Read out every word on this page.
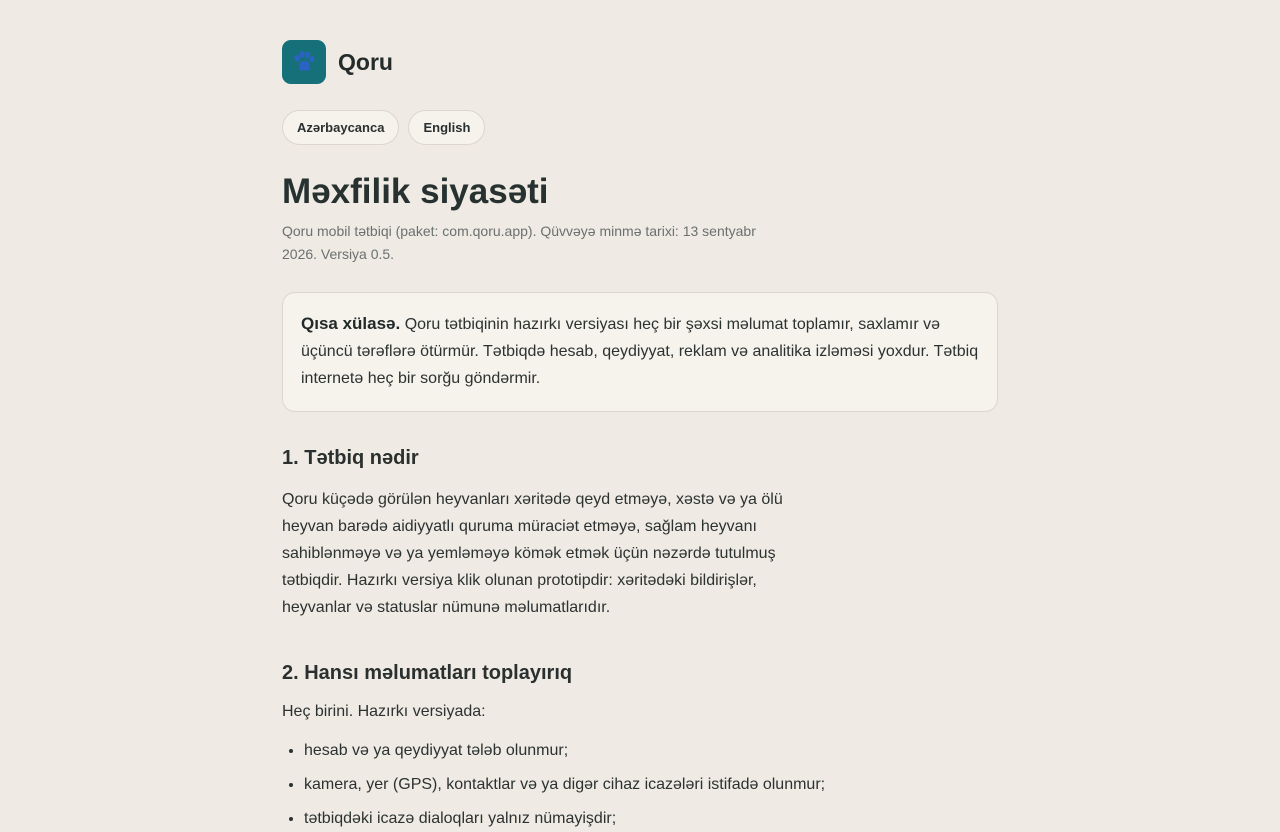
Qoru
Azərbaycanca	English
Məxfilik siyasəti
Qoru mobil tətbiqi (paket: com.qoru.app). Qüvvəyə minmə tarixi: 13 sentyabr 2026. Versiya 0.5.
Qısa xülasə. Qoru tətbiqinin hazırkı versiyası heç bir şəxsi məlumat toplamır, saxlamır və üçüncü tərəflərə ötürmür. Tətbiqdə hesab, qeydiyyat, reklam və analitika izləməsi yoxdur. Tətbiq internetə heç bir sorğu göndərmir.
1. Tətbiq nədir
Qoru küçədə görülən heyvanları xəritədə qeyd etməyə, xəstə və ya ölü heyvan barədə aidiyyatlı quruma müraciət etməyə, sağlam heyvanı sahiblənməyə və ya yemləməyə kömək etmək üçün nəzərdə tutulmuş tətbiqdir. Hazırkı versiya klik olunan prototipdir: xəritədəki bildirişlər, heyvanlar və statuslar nümunə məlumatlarıdır.
2. Hansı məlumatları toplayırıq
Heç birini. Hazırkı versiyada:
• hesab və ya qeydiyyat tələb olunmur;
• kamera, yer (GPS), kontaktlar və ya digər cihaz icazələri istifadə olunmur;
• tətbiqdəki icazə dialoqları yalnız nümayişdir;
